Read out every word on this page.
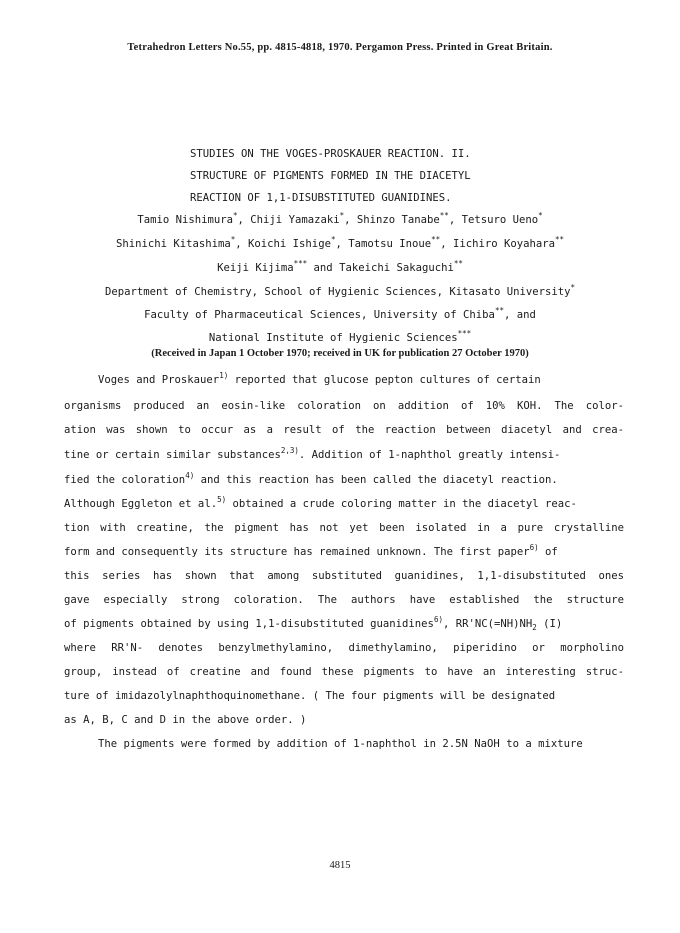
Tetrahedron Letters No.55, pp. 4815-4818, 1970. Pergamon Press. Printed in Great Britain.
STUDIES ON THE VOGES-PROSKAUER REACTION. II.
STRUCTURE OF PIGMENTS FORMED IN THE DIACETYL
REACTION OF 1,1-DISUBSTITUTED GUANIDINES.
Tamio Nishimura*, Chiji Yamazaki*, Shinzo Tanabe**, Tetsuro Ueno*
Shinichi Kitashima*, Koichi Ishige*, Tamotsu Inoue**, Iichiro Koyahara**
Keiji Kijima*** and Takeichi Sakaguchi**
Department of Chemistry, School of Hygienic Sciences, Kitasato University*
Faculty of Pharmaceutical Sciences, University of Chiba**, and
National Institute of Hygienic Sciences***
(Received in Japan 1 October 1970; received in UK for publication 27 October 1970)
Voges and Proskauer$^{1)}$ reported that glucose pepton cultures of certain
organisms produced an eosin-like coloration on addition of 10% KOH. The color-
ation was shown to occur as a result of the reaction between diacetyl and crea-
tine or certain similar substances$^{2,3)}$. Addition of 1-naphthol greatly intensi-
fied the coloration$^{4)}$ and this reaction has been called the diacetyl reaction.
Although Eggleton et al.$^{5)}$ obtained a crude coloring matter in the diacetyl reac-
tion with creatine, the pigment has not yet been isolated in a pure crystalline
form and consequently its structure has remained unknown. The first paper$^{6)}$ of
this series has shown that among substituted guanidines, 1,1-disubstituted ones
gave especially strong coloration. The authors have established the structure
of pigments obtained by using 1,1-disubstituted guanidines$^{6)}$, $RR'NC(=NH)NH_2$ (I)
where RR'N- denotes benzylmethylamino, dimethylamino, piperidino or morpholino
group, instead of creatine and found these pigments to have an interesting struc-
ture of imidazolylnaphthoquinomethane. ( The four pigments will be designated
as A, B, C and D in the above order. )
The pigments were formed by addition of 1-naphthol in 2.5N NaOH to a mixture
4815
